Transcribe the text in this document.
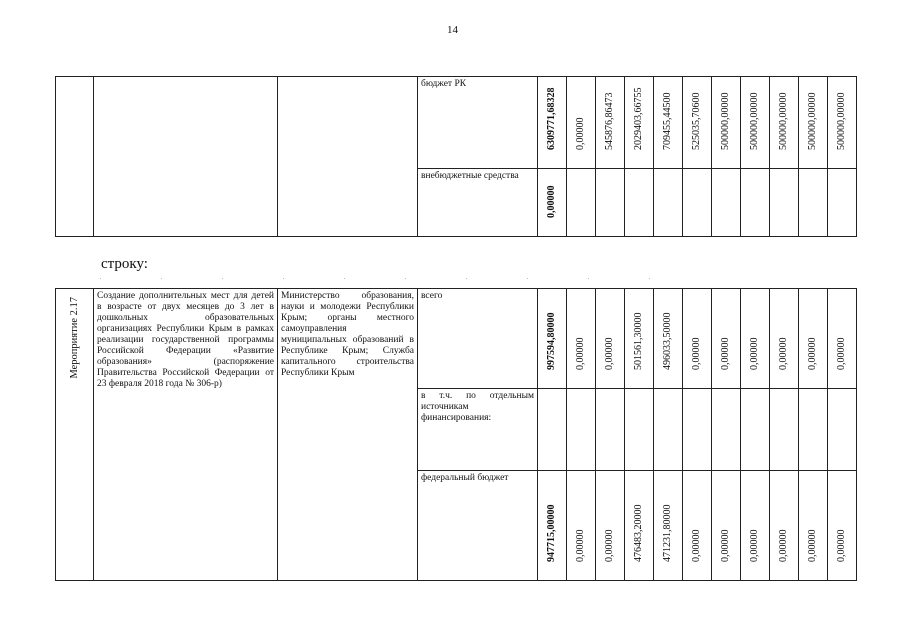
14
			бюджет РК	6309771,68328	0,00000	545876,86473	2029403,66755	709455,44500	525035,70600	500000,00000	500000,00000	500000,00000	500000,00000	500000,00000

			внебюджетные средства	0,00000										

строку:
Мероприятие 2.17	Создание дополнительных мест для детей в возрасте от двух месяцев до 3 лет в дошкольных образовательных организациях Республики Крым в рамках реализации государственной программы Российской Федерации «Развитие образования» (распоряжение Правительства Российской Федерации от 23 февраля 2018 года № 306-р)	Министерство образования, науки и молодежи Республики Крым; органы местного самоуправления муниципальных образований в Республике Крым; Служба капитального строительства Республики Крым	всего	997594,80000	0,00000	0,00000	501561,30000	496033,50000	0,00000	0,00000	0,00000	0,00000	0,00000	0,00000

			в т.ч. по отдельным источникам финансирования:	

			федеральный бюджет	947715,00000	0,00000	0,00000	476483,20000	471231,80000	0,00000	0,00000	0,00000	0,00000	0,00000	0,00000
